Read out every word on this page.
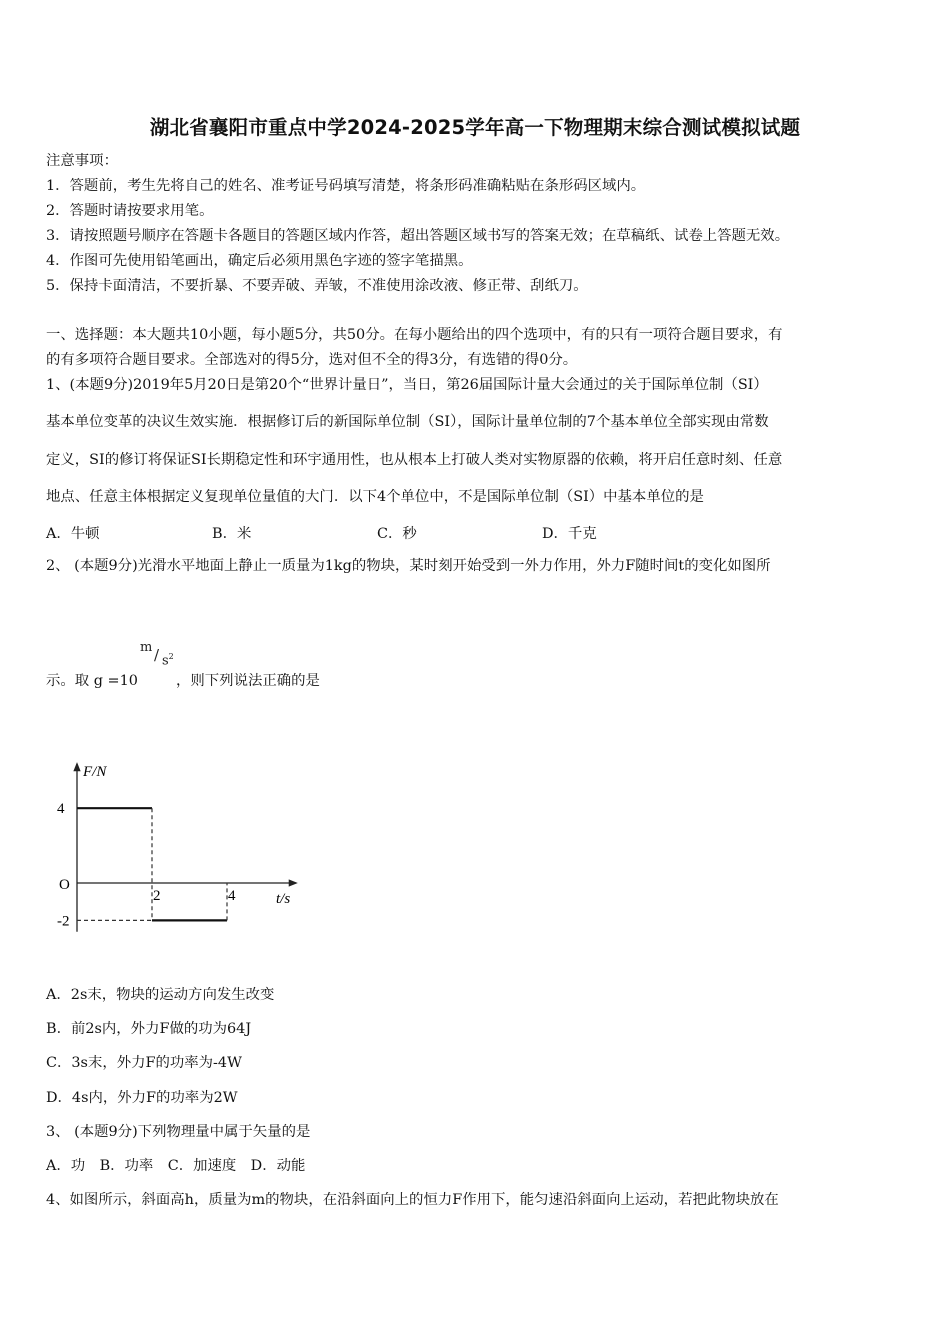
湖北省襄阳市重点中学2024-2025学年高一下物理期末综合测试模拟试题
注意事项：
1．答题前，考生先将自己的姓名、准考证号码填写清楚，将条形码准确粘贴在条形码区域内。
2．答题时请按要求用笔。
3．请按照题号顺序在答题卡各题目的答题区域内作答，超出答题区域书写的答案无效；在草稿纸、试卷上答题无效。
4．作图可先使用铅笔画出，确定后必须用黑色字迹的签字笔描黑。
5．保持卡面清洁，不要折暴、不要弄破、弄皱，不准使用涂改液、修正带、刮纸刀。
一、选择题：本大题共10小题，每小题5分，共50分。在每小题给出的四个选项中，有的只有一项符合题目要求，有
的有多项符合题目要求。全部选对的得5分，选对但不全的得3分，有选错的得0分。
1、(本题9分)2019年5月20日是第20个“世界计量日”，当日，第26届国际计量大会通过的关于国际单位制（SI）
基本单位变革的决议生效实施．根据修订后的新国际单位制（SI），国际计量单位制的7个基本单位全部实现由常数
定义，SI的修订将保证SI长期稳定性和环宇通用性，也从根本上打破人类对实物原器的依赖，将开启任意时刻、任意
地点、任意主体根据定义复现单位量值的大门．以下4个单位中，不是国际单位制（SI）中基本单位的是
A．牛顿	B．米	C．秒	D．千克
2、 (本题9分)光滑水平地面上静止一质量为1kg的物块，某时刻开始受到一外力作用，外力F随时间t的变化如图所
m / $s^2$
示。取 g =10	，则下列说法正确的是
F/N
t/s
O
4
-2
2	4
A．2s末，物块的运动方向发生改变
B．前2s内，外力F做的功为64J
C．3s末，外力F的功率为-4W
D．4s内，外力F的功率为2W
3、 (本题9分)下列物理量中属于矢量的是
A．功　B．功率　C．加速度　D．动能
4、如图所示，斜面高h，质量为m的物块，在沿斜面向上的恒力F作用下，能匀速沿斜面向上运动，若把此物块放在
